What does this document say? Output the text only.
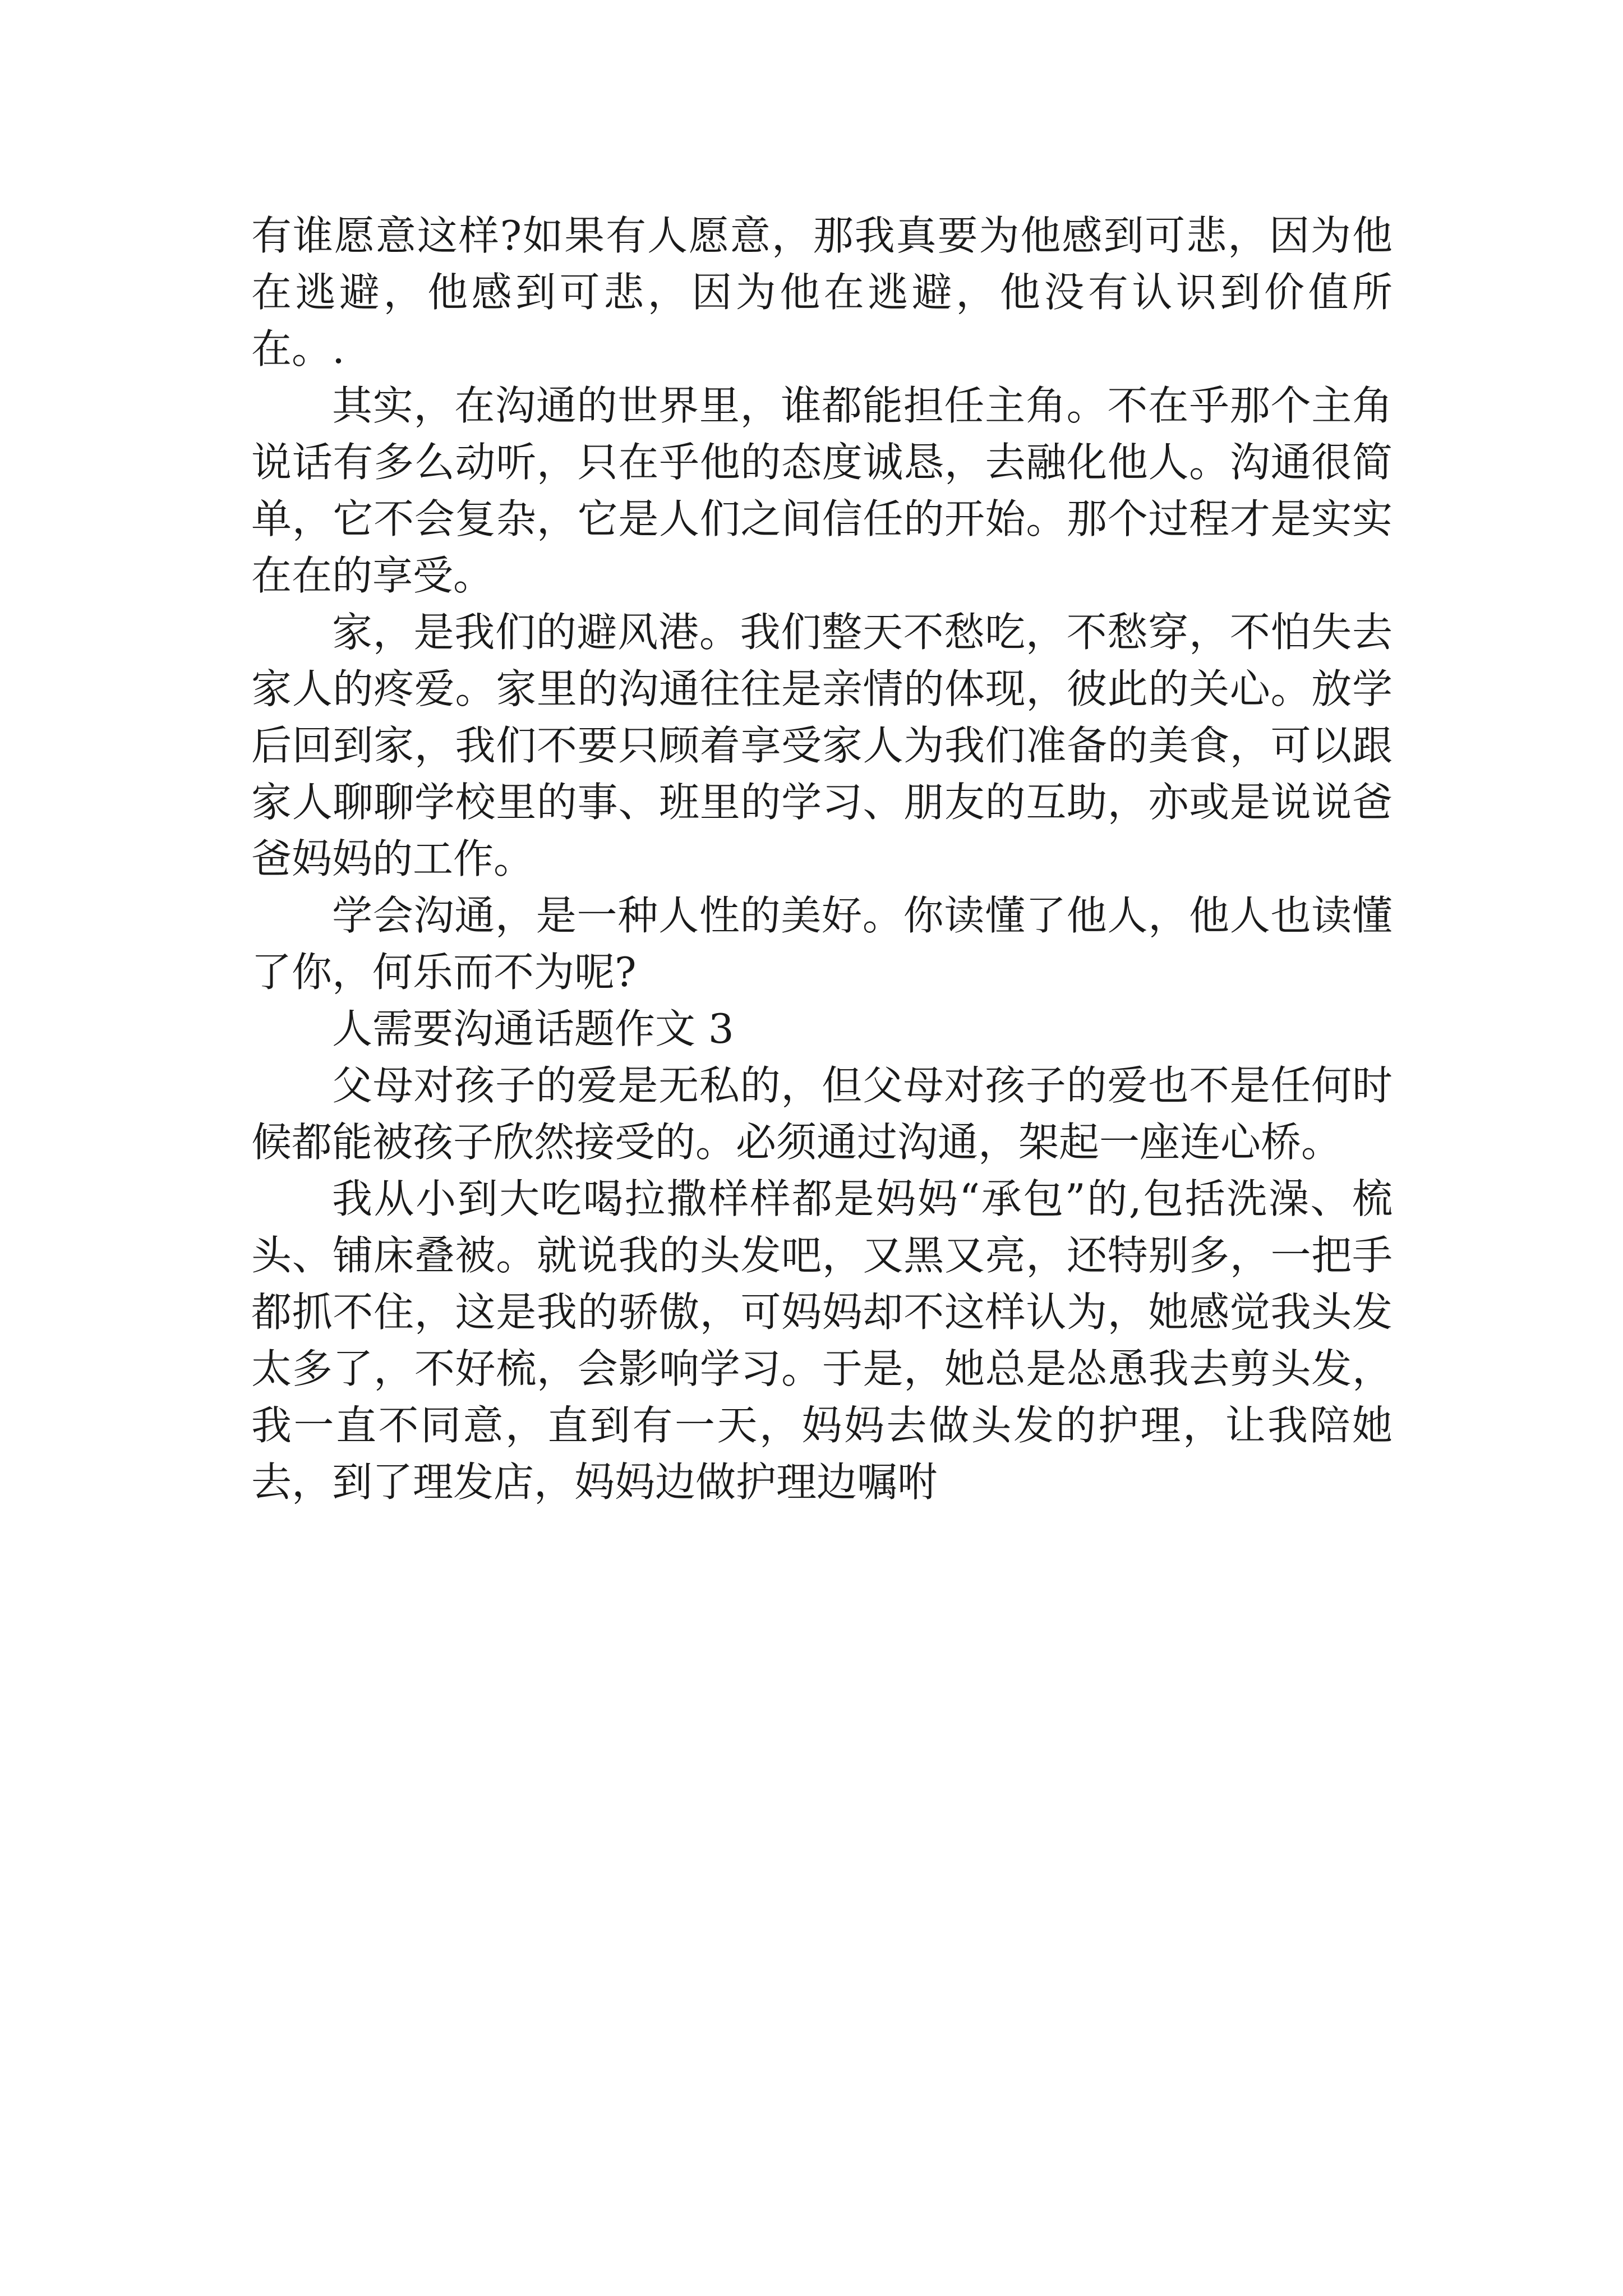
有谁愿意这样?如果有人愿意，那我真要为他感到可悲，因为他在逃避，他感到可悲，因为他在逃避，他没有认识到价值所在。.

其实，在沟通的世界里，谁都能担任主角。不在乎那个主角说话有多么动听，只在乎他的态度诚恳，去融化他人。沟通很简单，它不会复杂，它是人们之间信任的开始。那个过程才是实实在在的享受。

家，是我们的避风港。我们整天不愁吃，不愁穿，不怕失去家人的疼爱。家里的沟通往往是亲情的体现，彼此的关心。放学后回到家，我们不要只顾着享受家人为我们准备的美食，可以跟家人聊聊学校里的事、班里的学习、朋友的互助，亦或是说说爸爸妈妈的工作。

学会沟通，是一种人性的美好。你读懂了他人，他人也读懂了你，何乐而不为呢?

人需要沟通话题作文 3

父母对孩子的爱是无私的，但父母对孩子的爱也不是任何时候都能被孩子欣然接受的。必须通过沟通，架起一座连心桥。

我从小到大吃喝拉撒样样都是妈妈“承包”的,包括洗澡、梳头、铺床叠被。就说我的头发吧，又黑又亮，还特别多，一把手都抓不住，这是我的骄傲，可妈妈却不这样认为，她感觉我头发太多了，不好梳，会影响学习。于是，她总是怂恿我去剪头发，我一直不同意，直到有一天，妈妈去做头发的护理，让我陪她去，到了理发店，妈妈边做护理边嘱咐
